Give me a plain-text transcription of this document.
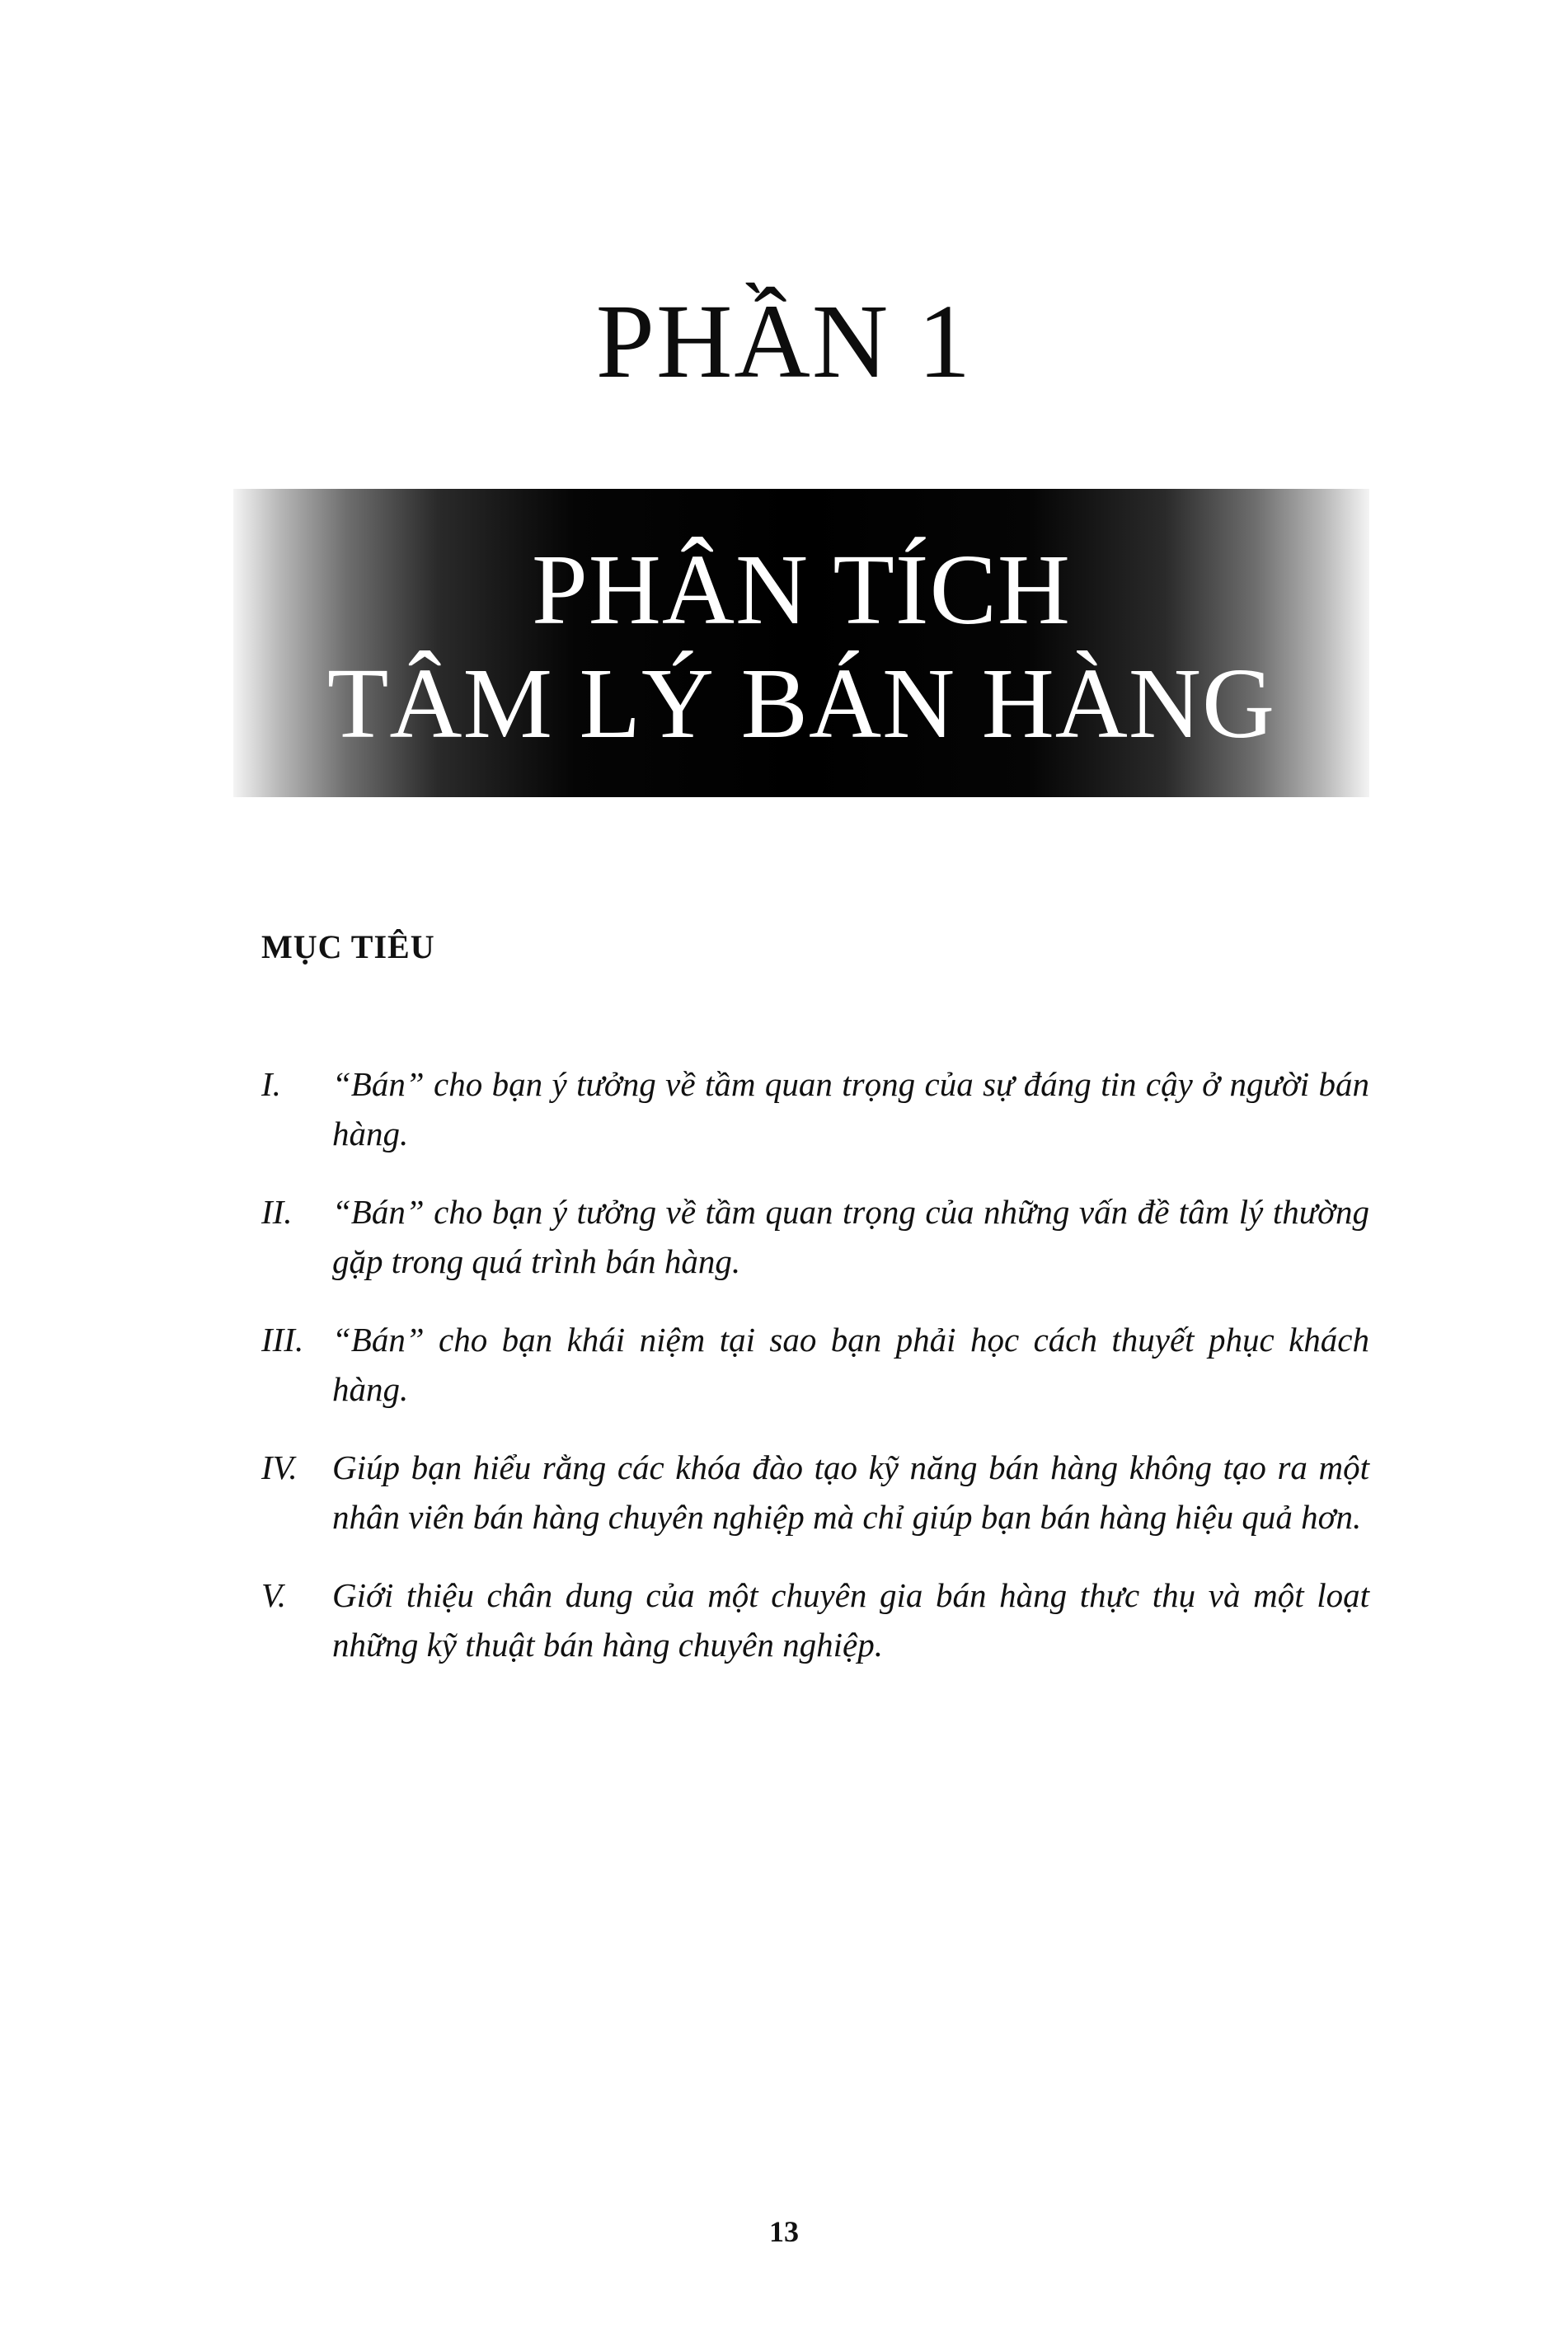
PHẦN 1
PHÂN TÍCH
TÂM LÝ BÁN HÀNG
MỤC TIÊU
I. “Bán” cho bạn ý tưởng về tầm quan trọng của sự đáng tin cậy ở người bán hàng.
II. “Bán” cho bạn ý tưởng về tầm quan trọng của những vấn đề tâm lý thường gặp trong quá trình bán hàng.
III. “Bán” cho bạn khái niệm tại sao bạn phải học cách thuyết phục khách hàng.
IV. Giúp bạn hiểu rằng các khóa đào tạo kỹ năng bán hàng không tạo ra một nhân viên bán hàng chuyên nghiệp mà chỉ giúp bạn bán hàng hiệu quả hơn.
V. Giới thiệu chân dung của một chuyên gia bán hàng thực thụ và một loạt những kỹ thuật bán hàng chuyên nghiệp.
13
